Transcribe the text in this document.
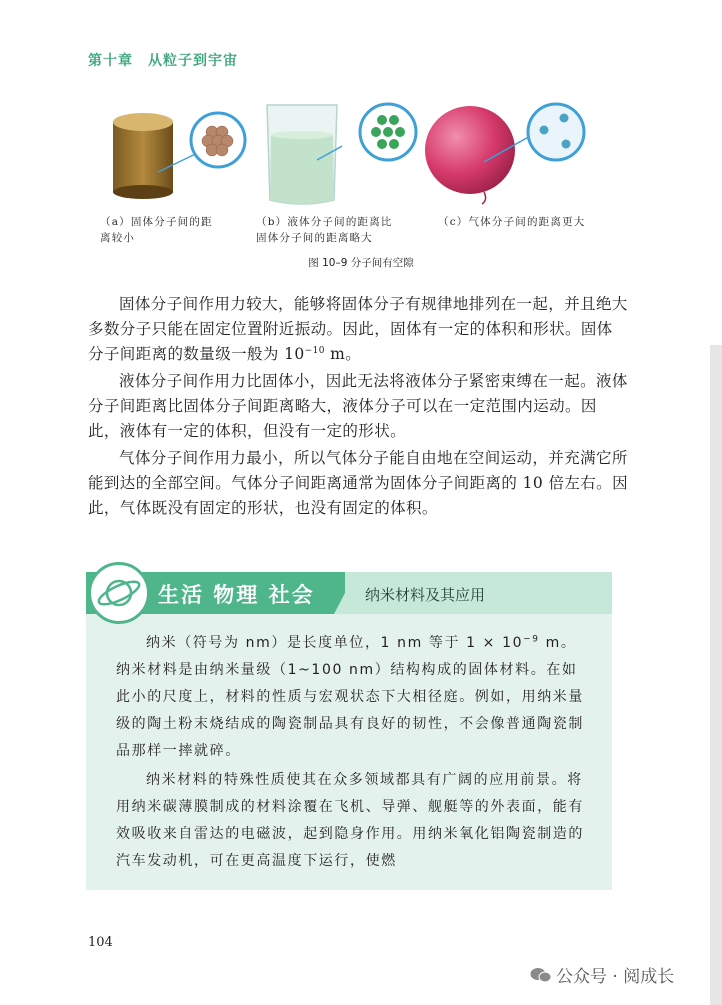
第十章　从粒子到宇宙
（a）固体分子间的距
离较小
（b）液体分子间的距离比
固体分子间的距离略大
（c）气体分子间的距离更大
图 10–9 分子间有空隙

固体分子间作用力较大，能够将固体分子有规律地排列在一起，并且绝大多数分子只能在固定位置附近振动。因此，固体有一定的体积和形状。固体分子间距离的数量级一般为 $10^{-10}$ m。

液体分子间作用力比固体小，因此无法将液体分子紧密束缚在一起。液体分子间距离比固体分子间距离略大，液体分子可以在一定范围内运动。因此，液体有一定的体积，但没有一定的形状。

气体分子间作用力最小，所以气体分子能自由地在空间运动，并充满它所能到达的全部空间。气体分子间距离通常为固体分子间距离的 10 倍左右。因此，气体既没有固定的形状，也没有固定的体积。

生活 物理 社会	纳米材料及其应用

纳米（符号为 nm）是长度单位，1 nm 等于 $1 \times 10^{-9}$ m。纳米材料是由纳米量级（1~100 nm）结构构成的固体材料。在如此小的尺度上，材料的性质与宏观状态下大相径庭。例如，用纳米量级的陶土粉末烧结成的陶瓷制品具有良好的韧性，不会像普通陶瓷制品那样一摔就碎。

纳米材料的特殊性质使其在众多领域都具有广阔的应用前景。将用纳米碳薄膜制成的材料涂覆在飞机、导弹、舰艇等的外表面，能有效吸收来自雷达的电磁波，起到隐身作用。用纳米氧化铝陶瓷制造的汽车发动机，可在更高温度下运行，使燃

104
公众号 · 阅成长
